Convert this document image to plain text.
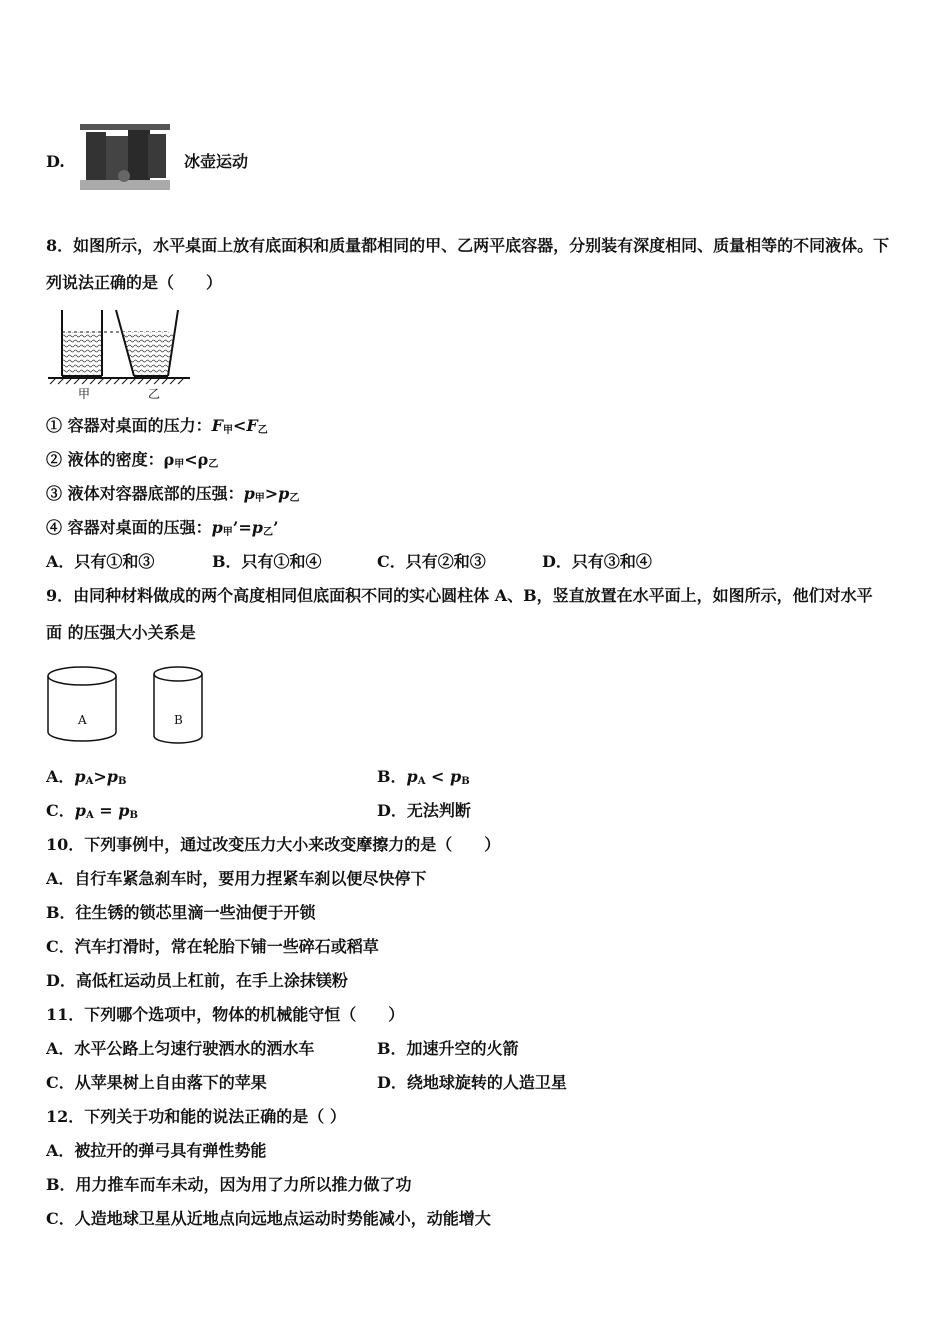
D.	冰壶运动
8．如图所示，水平桌面上放有底面积和质量都相同的甲、乙两平底容器，分别装有深度相同、质量相等的不同液体。下
列说法正确的是（　　）
甲	乙
① 容器对桌面的压力：$F_甲<F_乙$
② 液体的密度：$\rho_甲<\rho_乙$
③ 液体对容器底部的压强：$p_甲>p_乙$
④ 容器对桌面的压强：$p_甲’=p_乙$’
A．只有①和③	B．只有①和④	C．只有②和③	D．只有③和④
9．由同种材料做成的两个高度相同但底面积不同的实心圆柱体 A、B，竖直放置在水平面上，如图所示，他们对水平
面 的压强大小关系是
A	B
A．$p_A>p_B$	B．$p_A < p_B$
C．$p_A = p_B$	D．无法判断
10．下列事例中，通过改变压力大小来改变摩擦力的是（　　）
A．自行车紧急刹车时，要用力捏紧车刹以便尽快停下
B．往生锈的锁芯里滴一些油便于开锁
C．汽车打滑时，常在轮胎下铺一些碎石或稻草
D．高低杠运动员上杠前，在手上涂抹镁粉
11．下列哪个选项中，物体的机械能守恒（　　）
A．水平公路上匀速行驶洒水的洒水车	B．加速升空的火箭
C．从苹果树上自由落下的苹果	D．绕地球旋转的人造卫星
12．下列关于功和能的说法正确的是（ ）
A．被拉开的弹弓具有弹性势能
B．用力推车而车未动，因为用了力所以推力做了功
C．人造地球卫星从近地点向远地点运动时势能减小，动能增大
